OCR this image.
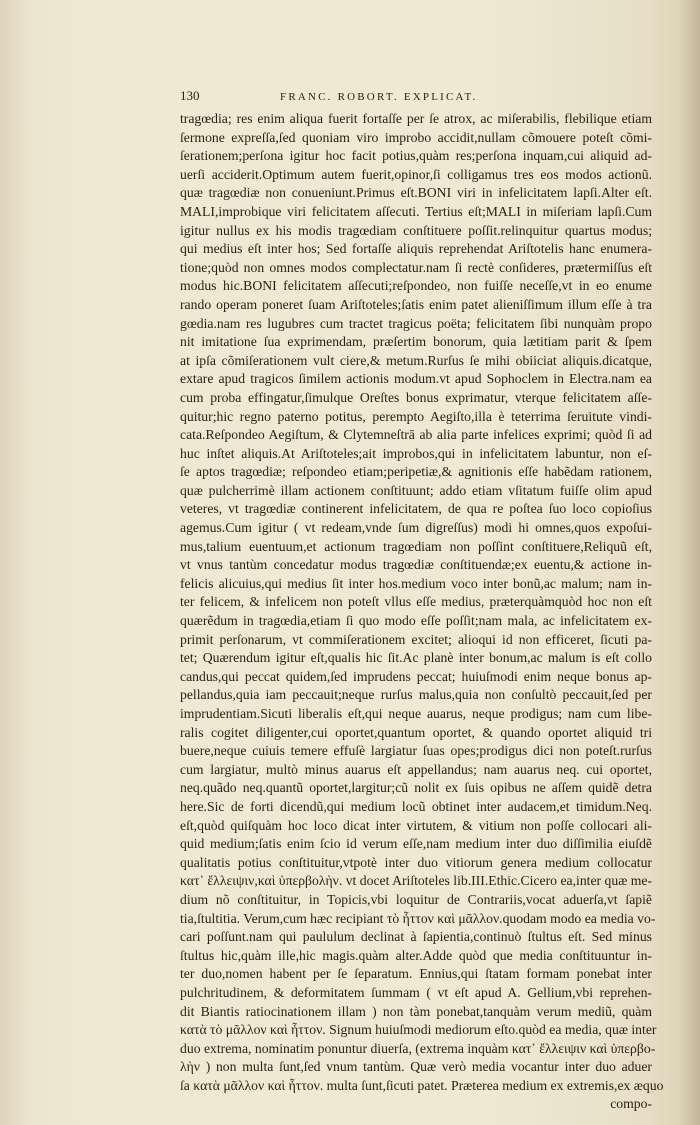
130	FRANC. ROBORT. EXPLICAT.
tragœdia; res enim aliqua fuerit fortaſſe per ſe atrox, ac miſerabilis, flebilique etiam
ſermone expreſſa,ſed quoniam viro improbo accidit,nullam cõmouere poteſt cõmi-
ſerationem;perſona igitur hoc facit potius,quàm res;perſona inquam,cui aliquid ad-
uerſi acciderit.Optimum autem fuerit,opinor,ſi colligamus tres eos modos actionũ.
quæ tragœdiæ non conueniunt.Primus eſt.BONI viri in infelicitatem lapſi.Alter eſt.
MALI,improbique viri felicitatem aſſecuti. Tertius eſt;MALI in miſeriam lapſi.Cum
igitur nullus ex his modis tragœdiam conſtituere poſſit.relinquitur quartus modus;
qui medius eſt inter hos; Sed fortaſſe aliquis reprehendat Ariſtotelis hanc enumera-
tione;quòd non omnes modos complectatur.nam ſi rectè conſideres, prætermiſſus eſt
modus hic.BONI felicitatem aſſecuti;reſpondeo, non fuiſſe neceſſe,vt in eo enume
rando operam poneret ſuam Ariſtoteles;ſatis enim patet alieniſſimum illum eſſe à tra
gœdia.nam res lugubres cum tractet tragicus poëta; felicitatem ſibi nunquàm propo
nit imitatione ſua exprimendam, præſertim bonorum, quia lætitiam parit & ſpem
at ipſa cõmiſerationem vult ciere,& metum.Rurſus ſe mihi obiiciat aliquis.dicatque,
extare apud tragicos ſimilem actionis modum.vt apud Sophoclem in Electra.nam ea
cum proba effingatur,ſimulque Oreſtes bonus exprimatur, vterque felicitatem aſſe-
quitur;hic regno paterno potitus, perempto Aegiſto,illa è teterrima ſeruitute vindi-
cata.Reſpondeo Aegiſtum, & Clytemneſtrā ab alia parte infelices exprimi; quòd ſi ad
huc inſtet aliquis.At Ariſtoteles;ait improbos,qui in infelicitatem labuntur, non eſ-
ſe aptos tragœdiæ; reſpondeo etiam;peripetiæ,& agnitionis eſſe habẽdam rationem,
quæ pulcherrimè illam actionem conſtituunt; addo etiam vſitatum fuiſſe olim apud
veteres, vt tragœdiæ continerent infelicitatem, de qua re poſtea ſuo loco copioſius
agemus.Cum igitur ( vt redeam,vnde ſum digreſſus) modi hi omnes,quos expoſui-
mus,talium euentuum,et actionum tragœdiam non poſſint conſtituere,Reliquũ eſt,
vt vnus tantùm concedatur modus tragœdiæ conſtituendæ;ex euentu,& actione in-
felicis alicuius,qui medius ſit inter hos.medium voco inter bonũ,ac malum; nam in-
ter felicem, & infelicem non poteſt vllus eſſe medius, præterquàmquòd hoc non eſt
quærẽdum in tragœdia,etiam ſi quo modo eſſe poſſit;nam mala, ac infelicitatem ex-
primit perſonarum, vt commiſerationem excitet; alioqui id non efficeret, ſicuti pa-
tet; Quærendum igitur eſt,qualis hic ſit.Ac planè inter bonum,ac malum is eſt collo
candus,qui peccat quidem,ſed imprudens peccat; huiuſmodi enim neque bonus ap-
pellandus,quia iam peccauit;neque rurſus malus,quia non conſultò peccauit,ſed per
imprudentiam.Sicuti liberalis eſt,qui neque auarus, neque prodigus; nam cum libe-
ralis cogitet diligenter,cui oportet,quantum oportet, & quando oportet aliquid tri
buere,neque cuiuis temere effuſè largiatur ſuas opes;prodigus dici non poteſt.rurſus
cum largiatur, multò minus auarus eſt appellandus; nam auarus neq. cui oportet,
neq.quãdo neq.quantũ oportet,largitur;cũ nolit ex ſuis opibus ne aſſem quidẽ detra
here.Sic de forti dicendũ,qui medium locũ obtinet inter audacem,et timidum.Neq.
eſt,quòd quiſquàm hoc loco dicat inter virtutem, & vitium non poſſe collocari ali-
quid medium;ſatis enim ſcio id verum eſſe,nam medium inter duo diſſimilia eiuſdẽ
qualitatis potius conſtituitur,vtpotè inter duo vitiorum genera medium collocatur
κατ᾽ ἔλλειψιν,καὶ ὑπερβολὴν. vt docet Ariſtoteles lib.III.Ethic.Cicero ea,inter quæ me-
dium nõ conſtituitur, in Topicis,vbi loquitur de Contrariis,vocat aduerſa,vt ſapiẽ
tia,ſtultitia. Verum,cum hæc recipiant τὸ ἧττον καὶ μᾶλλον.quodam modo ea media vo-
cari poſſunt.nam qui paululum declinat à ſapientia,continuò ſtultus eſt. Sed minus
ſtultus hic,quàm ille,hic magis.quàm alter.Adde quòd que media conſtituuntur in-
ter duo,nomen habent per ſe ſeparatum. Ennius,qui ſtatam formam ponebat inter
pulchritudinem, & deformitatem ſummam ( vt eſt apud A. Gellium,vbi reprehen-
dit Biantis ratiocinationem illam ) non tàm ponebat,tanquàm verum mediũ, quàm
κατὰ τὸ μᾶλλον καὶ ἧττον. Signum huiuſmodi mediorum eſto.quòd ea media, quæ inter
duo extrema, nominatim ponuntur diuerſa, (extrema inquàm κατ᾽ ἔλλειψιν καὶ ὑπερβο-
λὴν ) non multa ſunt,ſed vnum tantùm. Quæ verò media vocantur inter duo aduer
ſa κατὰ μᾶλλον καὶ ἧττον. multa ſunt,ſicuti patet. Præterea medium ex extremis,ex æquo
compo-
